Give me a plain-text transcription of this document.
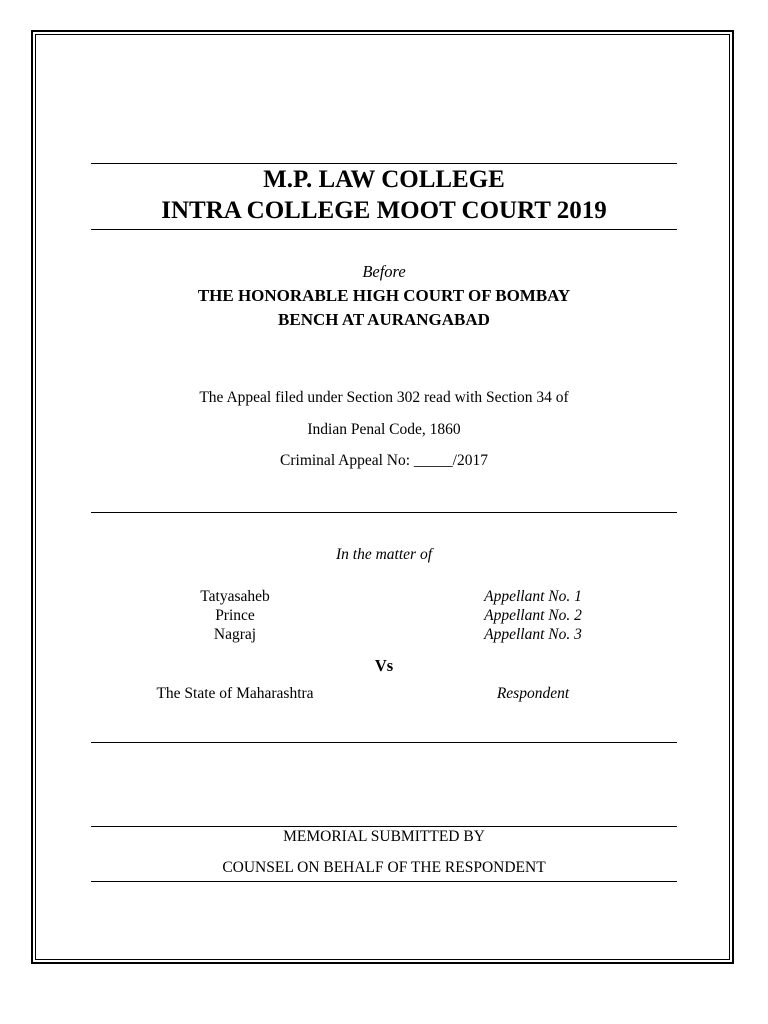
M.P. LAW COLLEGE
INTRA COLLEGE MOOT COURT 2019
Before
THE HONORABLE HIGH COURT OF BOMBAY
BENCH AT AURANGABAD
The Appeal filed under Section 302 read with Section 34 of
Indian Penal Code, 1860
Criminal Appeal No: _____/2017
In the matter of
Tatyasaheb	Appellant No. 1
Prince	Appellant No. 2
Nagraj	Appellant No. 3
Vs
The State of Maharashtra	Respondent
MEMORIAL SUBMITTED BY
COUNSEL ON BEHALF OF THE RESPONDENT
